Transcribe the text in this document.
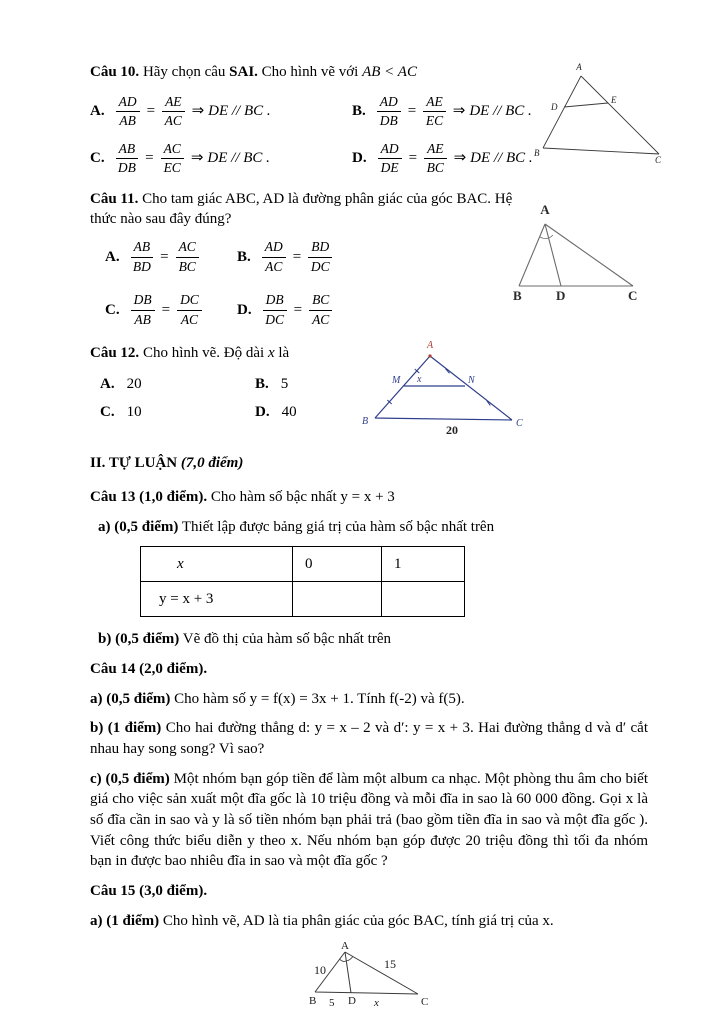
Câu 10. Hãy chọn câu SAI. Cho hình vẽ với AB < AC

A. $\frac{AD}{AB} = \frac{AE}{AC}$ ⇒ DE // BC .	B. $\frac{AD}{DB} = \frac{AE}{EC}$ ⇒ DE // BC .
C. $\frac{AB}{DB} = \frac{AC}{EC}$ ⇒ DE // BC .	D. $\frac{AD}{DE} = \frac{AE}{BC}$ ⇒ DE // BC .
A
D
E
B
C

Câu 11. Cho tam giác ABC, AD là đường phân giác của góc BAC. Hệ thức nào sau đây đúng?

A. $\frac{AB}{BD} = \frac{AC}{BC}$	B. $\frac{AD}{AC} = \frac{BD}{DC}$
C. $\frac{DB}{AB} = \frac{DC}{AC} D$. $\frac{DB}{DC} = \frac{BC}{AC}$
A
B	D	C

Câu 12. Cho hình vẽ. Độ dài x là

A. 20	B. 5
C. 10	D. 40
A
M	N
x
B	C
20

II. TỰ LUẬN (7,0 điểm)

Câu 13 (1,0 điểm). Cho hàm số bậc nhất y = x + 3

a) (0,5 điểm) Thiết lập được bảng giá trị của hàm số bậc nhất trên

x	0	1
y = x + 3		

b) (0,5 điểm) Vẽ đồ thị của hàm số bậc nhất trên

Câu 14 (2,0 điểm).

a) (0,5 điểm) Cho hàm số y = f(x) = 3x + 1. Tính f(-2) và f(5).

b) (1 điểm) Cho hai đường thẳng d: y = x – 2 và d′: y = x + 3. Hai đường thẳng d và d′ cắt nhau hay song song? Vì sao?

c) (0,5 điểm) Một nhóm bạn góp tiền để làm một album ca nhạc. Một phòng thu âm cho biết giá cho việc sản xuất một đĩa gốc là 10 triệu đồng và mỗi đĩa in sao là 60 000 đồng. Gọi x là số đĩa cần in sao và y là số tiền nhóm bạn phải trả (bao gồm tiền đĩa in sao và một đĩa gốc ). Viết công thức biểu diễn y theo x. Nếu nhóm bạn góp được 20 triệu đồng thì tối đa nhóm bạn in được bao nhiêu đĩa in sao và một đĩa gốc ?

Câu 15 (3,0 điểm).

a) (1 điểm) Cho hình vẽ, AD là tia phân giác của góc BAC, tính giá trị của x.

A
B 5 D x	C
10	15
